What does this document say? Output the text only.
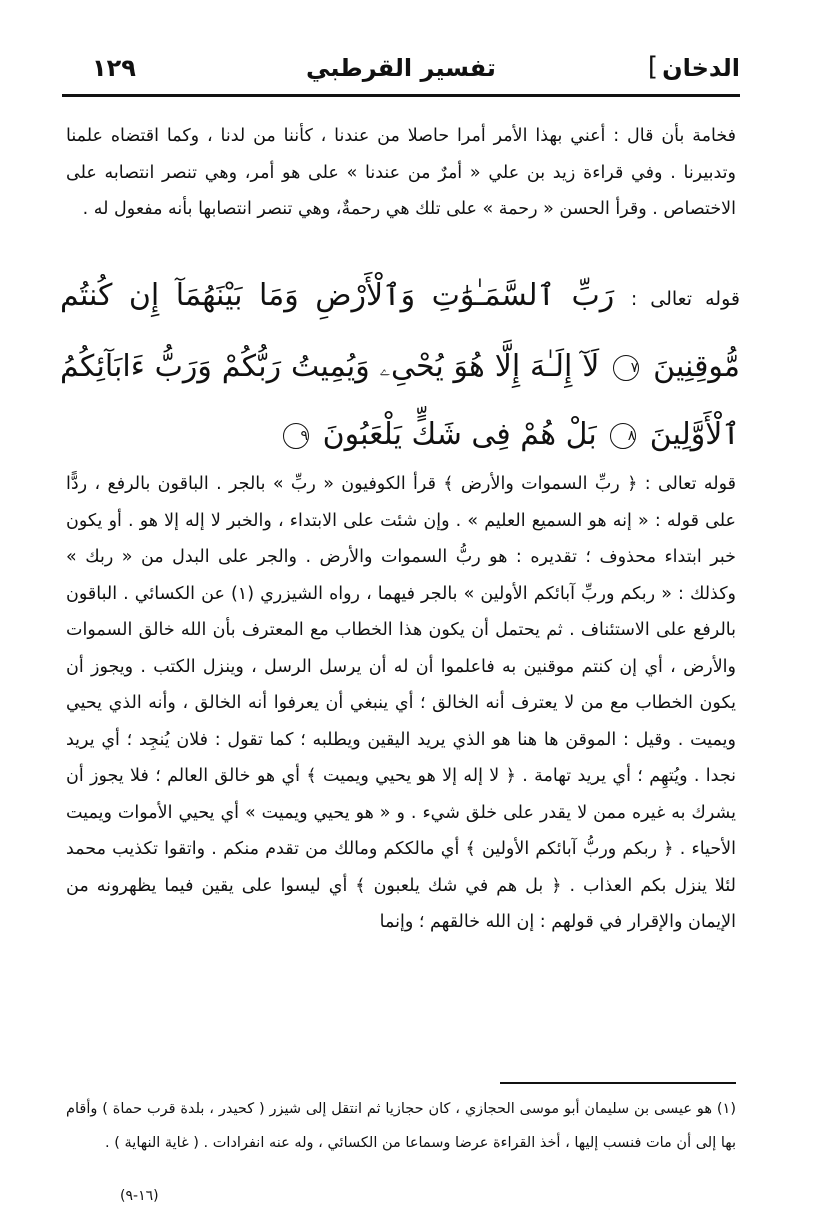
الدخان
]
تفسير القرطبي
١٢٩

فخامة بأن قال : أعني بهذا الأمر أمرا حاصلا من عندنا ، كأننا من لدنا ، وكما اقتضاه علمنا وتدبيرنا . وفي قراءة زيد بن علي « أمرٌ من عندنا » على هو أمر، وهي تنصر انتصابه على الاختصاص . وقرأ الحسن « رحمة » على تلك هي رحمةٌ، وهي تنصر انتصابها بأنه مفعول له .

قوله تعالى : رَبِّ ٱلسَّمَـٰوَٰتِ وَٱلْأَرْضِ وَمَا بَيْنَهُمَآ إِن كُنتُم مُّوقِنِينَ ٧ لَآ إِلَـٰهَ إِلَّا هُوَ يُحْىِۦ وَيُمِيتُ رَبُّكُمْ وَرَبُّ ءَابَآئِكُمُ ٱلْأَوَّلِينَ ٨ بَلْ هُمْ فِى شَكٍّ يَلْعَبُونَ ٩

قوله تعالى : ﴿ ربِّ السموات والأرض ﴾ قرأ الكوفيون « ربِّ » بالجر . الباقون بالرفع ، ردًّا على قوله : « إنه هو السميع العليم » . وإن شئت على الابتداء ، والخبر لا إله إلا هو . أو يكون خبر ابتداء محذوف ؛ تقديره : هو ربُّ السموات والأرض . والجر على البدل من « ربك » وكذلك : « ربكم وربِّ آبائكم الأولين » بالجر فيهما ، رواه الشيزري (١) عن الكسائي . الباقون بالرفع على الاستئناف . ثم يحتمل أن يكون هذا الخطاب مع المعترف بأن الله خالق السموات والأرض ، أي إن كنتم موقنين به فاعلموا أن له أن يرسل الرسل ، وينزل الكتب . ويجوز أن يكون الخطاب مع من لا يعترف أنه الخالق ؛ أي ينبغي أن يعرفوا أنه الخالق ، وأنه الذي يحيي ويميت . وقيل : الموقن ها هنا هو الذي يريد اليقين ويطلبه ؛ كما تقول : فلان يُنجِد ؛ أي يريد نجدا . ويُتهِم ؛ أي يريد تهامة . ﴿ لا إله إلا هو يحيي ويميت ﴾ أي هو خالق العالم ؛ فلا يجوز أن يشرك به غيره ممن لا يقدر على خلق شيء . و « هو يحيي ويميت » أي يحيي الأموات ويميت الأحياء . ﴿ ربكم وربُّ آبائكم الأولين ﴾ أي مالككم ومالك من تقدم منكم . واتقوا تكذيب محمد لئلا ينزل بكم العذاب . ﴿ بل هم في شك يلعبون ﴾ أي ليسوا على يقين فيما يظهرونه من الإيمان والإقرار في قولهم : إن الله خالقهم ؛ وإنما

(١) هو عيسى بن سليمان أبو موسى الحجازي ، كان حجازيا ثم انتقل إلى شيزر ( كحيدر ، بلدة قرب حماة ) وأقام بها إلى أن مات فنسب إليها ، أخذ القراءة عرضا وسماعا من الكسائي ، وله عنه انفرادات . ( غاية النهاية ) .

(١٦-٩)
